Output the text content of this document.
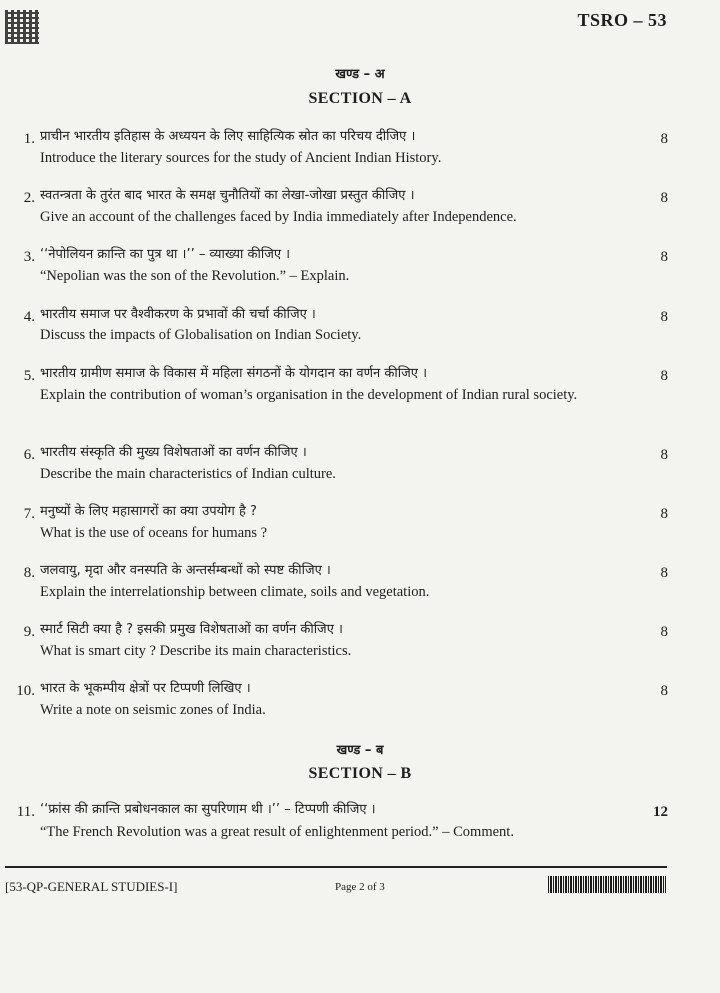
TSRO – 53
खण्ड – अ
SECTION – A
1. प्राचीन भारतीय इतिहास के अध्ययन के लिए साहित्यिक स्रोत का परिचय दीजिए ।
Introduce the literary sources for the study of Ancient Indian History.
8
2. स्वतन्त्रता के तुरंत बाद भारत के समक्ष चुनौतियों का लेखा-जोखा प्रस्तुत कीजिए ।
Give an account of the challenges faced by India immediately after Independence.
8
3. ‘‘नेपोलियन क्रान्ति का पुत्र था ।’’ – व्याख्या कीजिए ।
“Nepolian was the son of the Revolution.” – Explain.
8
4. भारतीय समाज पर वैश्वीकरण के प्रभावों की चर्चा कीजिए ।
Discuss the impacts of Globalisation on Indian Society.
8
5. भारतीय ग्रामीण समाज के विकास में महिला संगठनों के योगदान का वर्णन कीजिए ।
Explain the contribution of woman’s organisation in the development of Indian rural society.
8
6. भारतीय संस्कृति की मुख्य विशेषताओं का वर्णन कीजिए ।
Describe the main characteristics of Indian culture.
8
7. मनुष्यों के लिए महासागरों का क्या उपयोग है ?
What is the use of oceans for humans ?
8
8. जलवायु, मृदा और वनस्पति के अन्तर्सम्बन्धों को स्पष्ट कीजिए ।
Explain the interrelationship between climate, soils and vegetation.
8
9. स्मार्ट सिटी क्या है ? इसकी प्रमुख विशेषताओं का वर्णन कीजिए ।
What is smart city ? Describe its main characteristics.
8
10. भारत के भूकम्पीय क्षेत्रों पर टिप्पणी लिखिए ।
Write a note on seismic zones of India.
8
खण्ड – ब
SECTION – B
11. ‘‘फ्रांस की क्रान्ति प्रबोधनकाल का सुपरिणाम थी ।’’ – टिप्पणी कीजिए ।
“The French Revolution was a great result of enlightenment period.” – Comment.
12
[53-QP-GENERAL STUDIES-I]	Page 2 of 3
